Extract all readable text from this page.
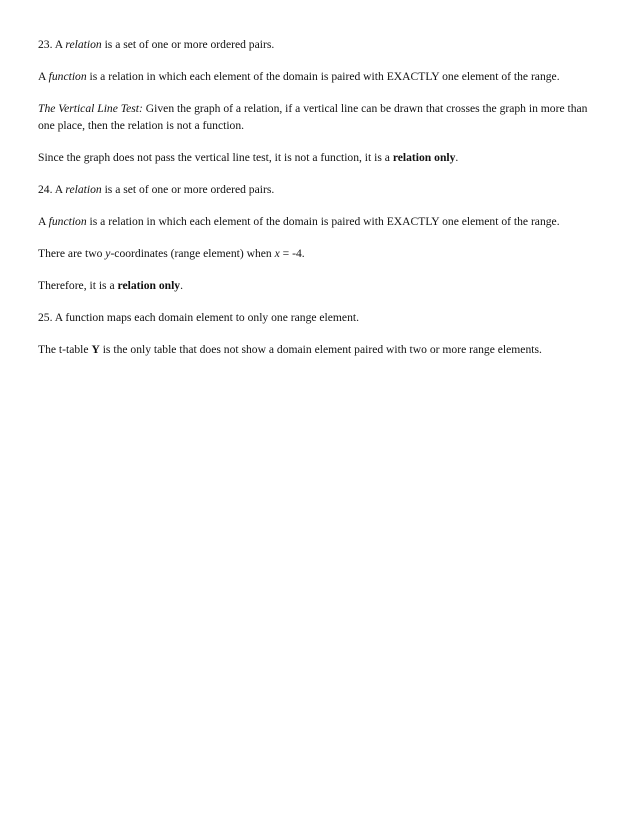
23. A relation is a set of one or more ordered pairs.

A function is a relation in which each element of the domain is paired with EXACTLY one element of the range.

The Vertical Line Test: Given the graph of a relation, if a vertical line can be drawn that crosses the graph in more than one place, then the relation is not a function.

Since the graph does not pass the vertical line test, it is not a function, it is a relation only.

24. A relation is a set of one or more ordered pairs.

A function is a relation in which each element of the domain is paired with EXACTLY one element of the range.

There are two y-coordinates (range element) when x = -4.

Therefore, it is a relation only.

25. A function maps each domain element to only one range element.

The t-table Y is the only table that does not show a domain element paired with two or more range elements.
